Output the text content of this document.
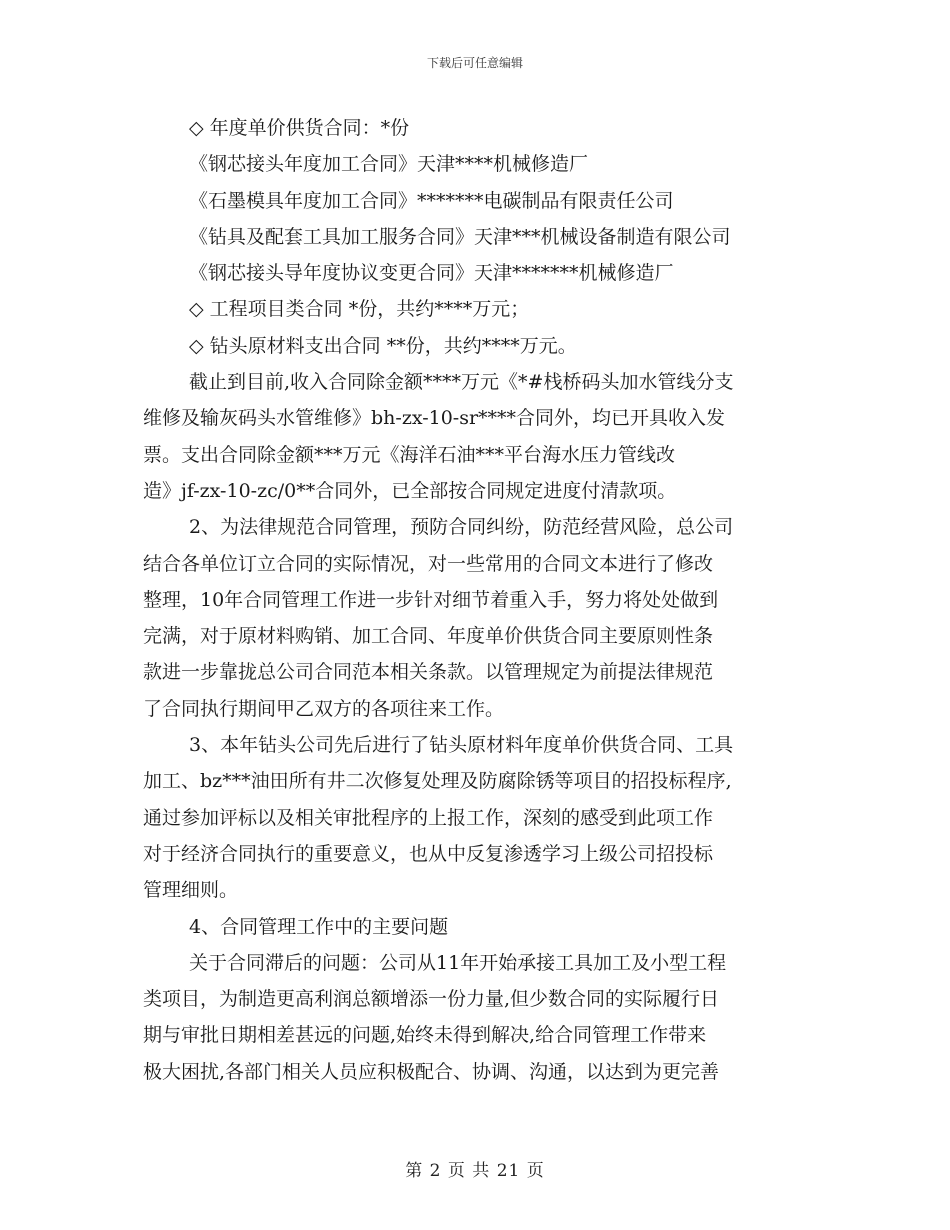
下载后可任意编辑
◇ 年度单价供货合同：*份
《钢芯接头年度加工合同》天津****机械修造厂
《石墨模具年度加工合同》*******电碳制品有限责任公司
《钻具及配套工具加工服务合同》天津***机械设备制造有限公司
《钢芯接头导年度协议变更合同》天津*******机械修造厂
◇ 工程项目类合同 *份，共约****万元；
◇ 钻头原材料支出合同 **份，共约****万元。
截止到目前,收入合同除金额****万元《*#栈桥码头加水管线分支
维修及输灰码头水管维修》bh-zx-10-sr****合同外，均已开具收入发
票。支出合同除金额***万元《海洋石油***平台海水压力管线改
造》jf-zx-10-zc/0**合同外，已全部按合同规定进度付清款项。
2、为法律规范合同管理，预防合同纠纷，防范经营风险，总公司
结合各单位订立合同的实际情况，对一些常用的合同文本进行了修改
整理，10年合同管理工作进一步针对细节着重入手，努力将处处做到
完满，对于原材料购销、加工合同、年度单价供货合同主要原则性条
款进一步靠拢总公司合同范本相关条款。以管理规定为前提法律规范
了合同执行期间甲乙双方的各项往来工作。
3、本年钻头公司先后进行了钻头原材料年度单价供货合同、工具
加工、bz***油田所有井二次修复处理及防腐除锈等项目的招投标程序,
通过参加评标以及相关审批程序的上报工作，深刻的感受到此项工作
对于经济合同执行的重要意义，也从中反复渗透学习上级公司招投标
管理细则。
4、合同管理工作中的主要问题
关于合同滞后的问题：公司从11年开始承接工具加工及小型工程
类项目，为制造更高利润总额增添一份力量,但少数合同的实际履行日
期与审批日期相差甚远的问题,始终未得到解决,给合同管理工作带来
极大困扰,各部门相关人员应积极配合、协调、沟通，以达到为更完善
第 2 页 共 21 页
